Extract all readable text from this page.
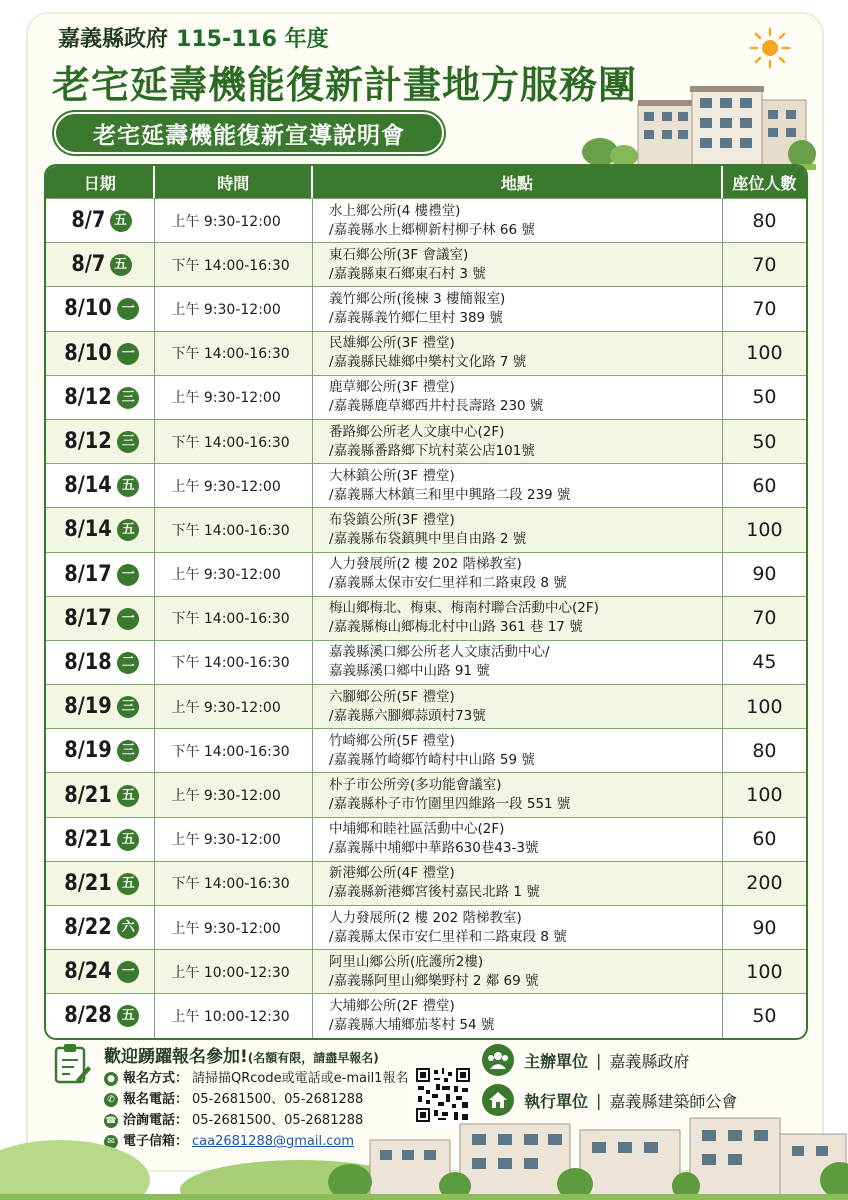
嘉義縣政府 115-116 年度
老宅延壽機能復新計畫地方服務團
老宅延壽機能復新宣導說明會
日期	時間	地點	座位人數
8/7 五	上午 9:30-12:00	水上鄉公所(4 樓禮堂)
/嘉義縣水上鄉柳新村柳子林 66 號	80
8/7 五	下午 14:00-16:30	東石鄉公所(3F 會議室)
/嘉義縣東石鄉東石村 3 號	70
8/10 一	上午 9:30-12:00	義竹鄉公所(後棟 3 樓簡報室)
/嘉義縣義竹鄉仁里村 389 號	70
8/10 一	下午 14:00-16:30	民雄鄉公所(3F 禮堂)
/嘉義縣民雄鄉中樂村文化路 7 號	100
8/12 三	上午 9:30-12:00	鹿草鄉公所(3F 禮堂)
/嘉義縣鹿草鄉西井村長壽路 230 號	50
8/12 三	下午 14:00-16:30	番路鄉公所老人文康中心(2F)
/嘉義縣番路鄉下坑村菜公店101號	50
8/14 五	上午 9:30-12:00	大林鎮公所(3F 禮堂)
/嘉義縣大林鎮三和里中興路二段 239 號	60
8/14 五	下午 14:00-16:30	布袋鎮公所(3F 禮堂)
/嘉義縣布袋鎮興中里自由路 2 號	100
8/17 一	上午 9:30-12:00	人力發展所(2 樓 202 階梯教室)
/嘉義縣太保市安仁里祥和二路東段 8 號	90
8/17 一	下午 14:00-16:30	梅山鄉梅北、梅東、梅南村聯合活動中心(2F)
/嘉義縣梅山鄉梅北村中山路 361 巷 17 號	70
8/18 二	下午 14:00-16:30	嘉義縣溪口鄉公所老人文康活動中心/
嘉義縣溪口鄉中山路 91 號	45
8/19 三	上午 9:30-12:00	六腳鄉公所(5F 禮堂)
/嘉義縣六腳鄉蒜頭村73號	100
8/19 三	下午 14:00-16:30	竹崎鄉公所(5F 禮堂)
/嘉義縣竹崎鄉竹崎村中山路 59 號	80
8/21 五	上午 9:30-12:00	朴子市公所旁(多功能會議室)
/嘉義縣朴子市竹圍里四維路一段 551 號	100
8/21 五	上午 9:30-12:00	中埔鄉和睦社區活動中心(2F)
/嘉義縣中埔鄉中華路630巷43-3號	60
8/21 五	下午 14:00-16:30	新港鄉公所(4F 禮堂)
/嘉義縣新港鄉宮後村嘉民北路 1 號	200
8/22 六	上午 9:30-12:00	人力發展所(2 樓 202 階梯教室)
/嘉義縣太保市安仁里祥和二路東段 8 號	90
8/24 一	上午 10:00-12:30	阿里山鄉公所(庇護所2樓)
/嘉義縣阿里山鄉樂野村 2 鄰 69 號	100
8/28 五	上午 10:00-12:30	大埔鄉公所(2F 禮堂)
/嘉義縣大埔鄉茄苳村 54 號	50
歡迎踴躍報名參加!(名額有限，請盡早報名)
● 報名方式： 請掃描QRcode或電話或e-mail1報名
✆ 報名電話： 05-2681500、05-2681288
☎ 洽詢電話： 05-2681500、05-2681288
✉ 電子信箱： caa2681288@gmail.com
主辦單位 | 嘉義縣政府
執行單位 | 嘉義縣建築師公會
